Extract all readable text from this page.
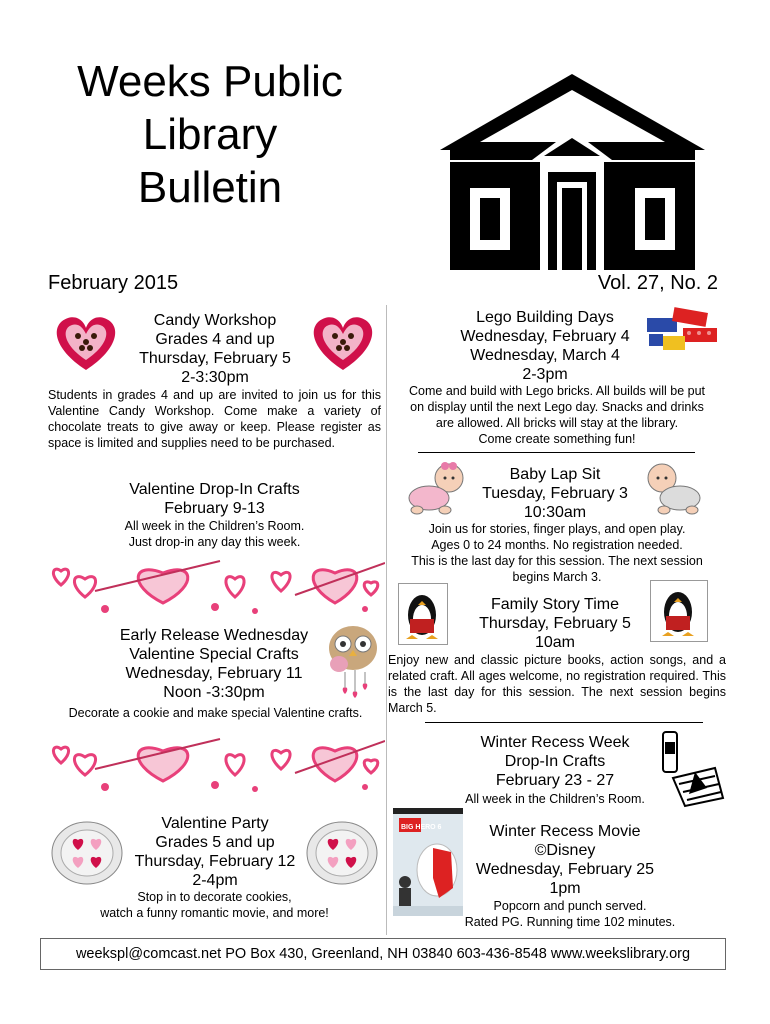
Weeks Public
Library
Bulletin
February 2015	Vol. 27, No. 2
Candy Workshop
Grades 4 and up
Thursday, February 5
2-3:30pm
Students in grades 4 and up are invited to join us for this Valentine Candy Workshop. Come make a variety of chocolate treats to give away or keep. Please register as space is limited and supplies need to be purchased.
Valentine Drop-In Crafts
February 9-13
All week in the Children’s Room.
Just drop-in any day this week.
Early Release Wednesday
Valentine Special Crafts
Wednesday, February 11
Noon -3:30pm
Decorate a cookie and make special Valentine crafts.
Valentine Party
Grades 5 and up
Thursday, February 12
2-4pm
Stop in to decorate cookies,
watch a funny romantic movie, and more!
Lego Building Days
Wednesday, February 4
Wednesday, March 4
2-3pm
Come and build with Lego bricks. All builds will be put
on display until the next Lego day. Snacks and drinks
are allowed. All bricks will stay at the library.
Come create something fun!
Baby Lap Sit
Tuesday, February 3
10:30am
Join us for stories, finger plays, and open play.
Ages 0 to 24 months. No registration needed.
This is the last day for this session. The next session
begins March 3.
Family Story Time
Thursday, February 5
10am
Enjoy new and classic picture books, action songs, and a related craft. All ages welcome, no registration required. This is the last day for this session. The next session begins March 5.
Winter Recess Week
Drop-In Crafts
February 23 - 27
All week in the Children’s Room.
BIG HERO 6	Winter Recess Movie
©Disney
Wednesday, February 25
1pm
Popcorn and punch served.
Rated PG. Running time 102 minutes.
weekspl@comcast.net PO Box 430, Greenland, NH 03840 603-436-8548 www.weekslibrary.org
